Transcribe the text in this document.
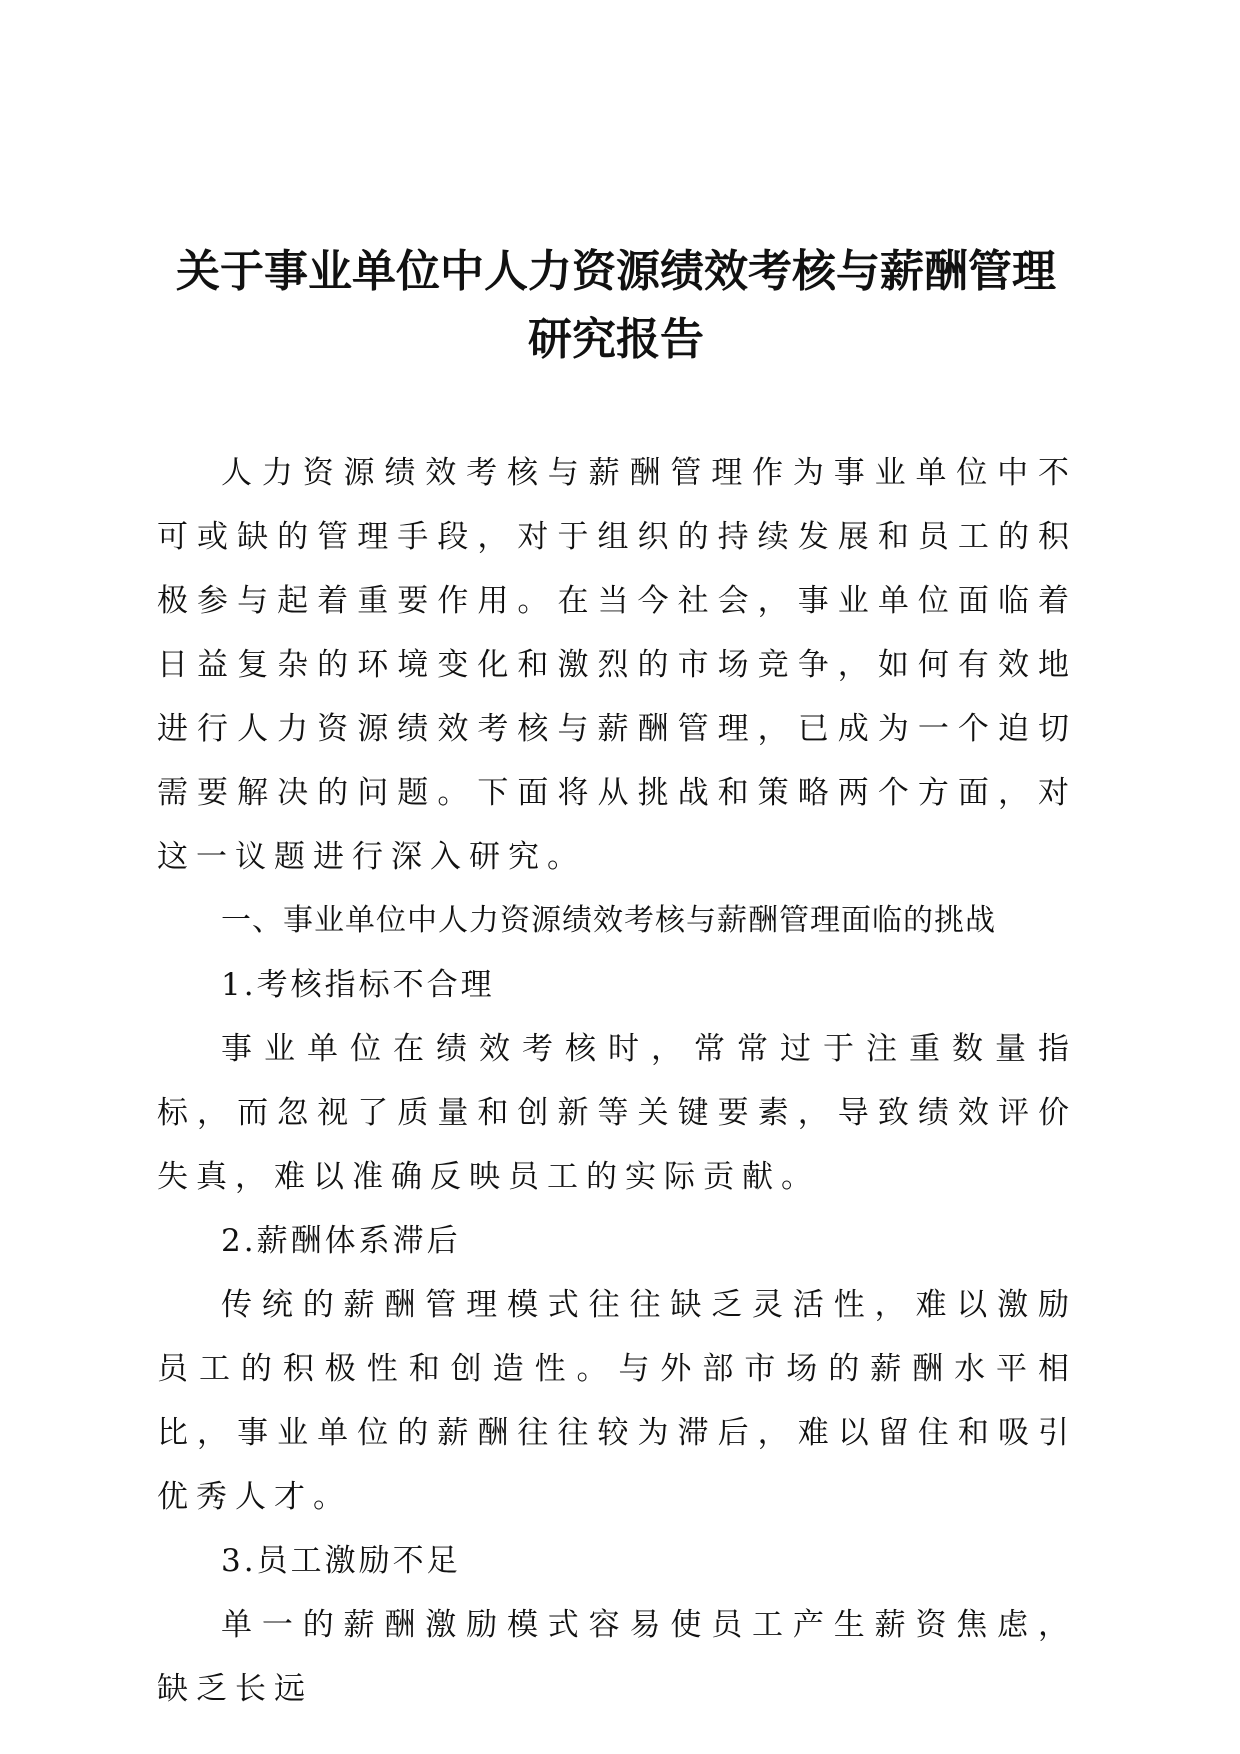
关于事业单位中人力资源绩效考核与薪酬管理
研究报告

人力资源绩效考核与薪酬管理作为事业单位中不可或缺的管理手段，对于组织的持续发展和员工的积极参与起着重要作用。在当今社会，事业单位面临着日益复杂的环境变化和激烈的市场竞争，如何有效地进行人力资源绩效考核与薪酬管理，已成为一个迫切需要解决的问题。下面将从挑战和策略两个方面，对这一议题进行深入研究。

一、事业单位中人力资源绩效考核与薪酬管理面临的挑战

1.考核指标不合理

事业单位在绩效考核时，常常过于注重数量指标，而忽视了质量和创新等关键要素，导致绩效评价失真，难以准确反映员工的实际贡献。

2.薪酬体系滞后

传统的薪酬管理模式往往缺乏灵活性，难以激励员工的积极性和创造性。与外部市场的薪酬水平相比，事业单位的薪酬往往较为滞后，难以留住和吸引优秀人才。

3.员工激励不足

单一的薪酬激励模式容易使员工产生薪资焦虑，缺乏长远
